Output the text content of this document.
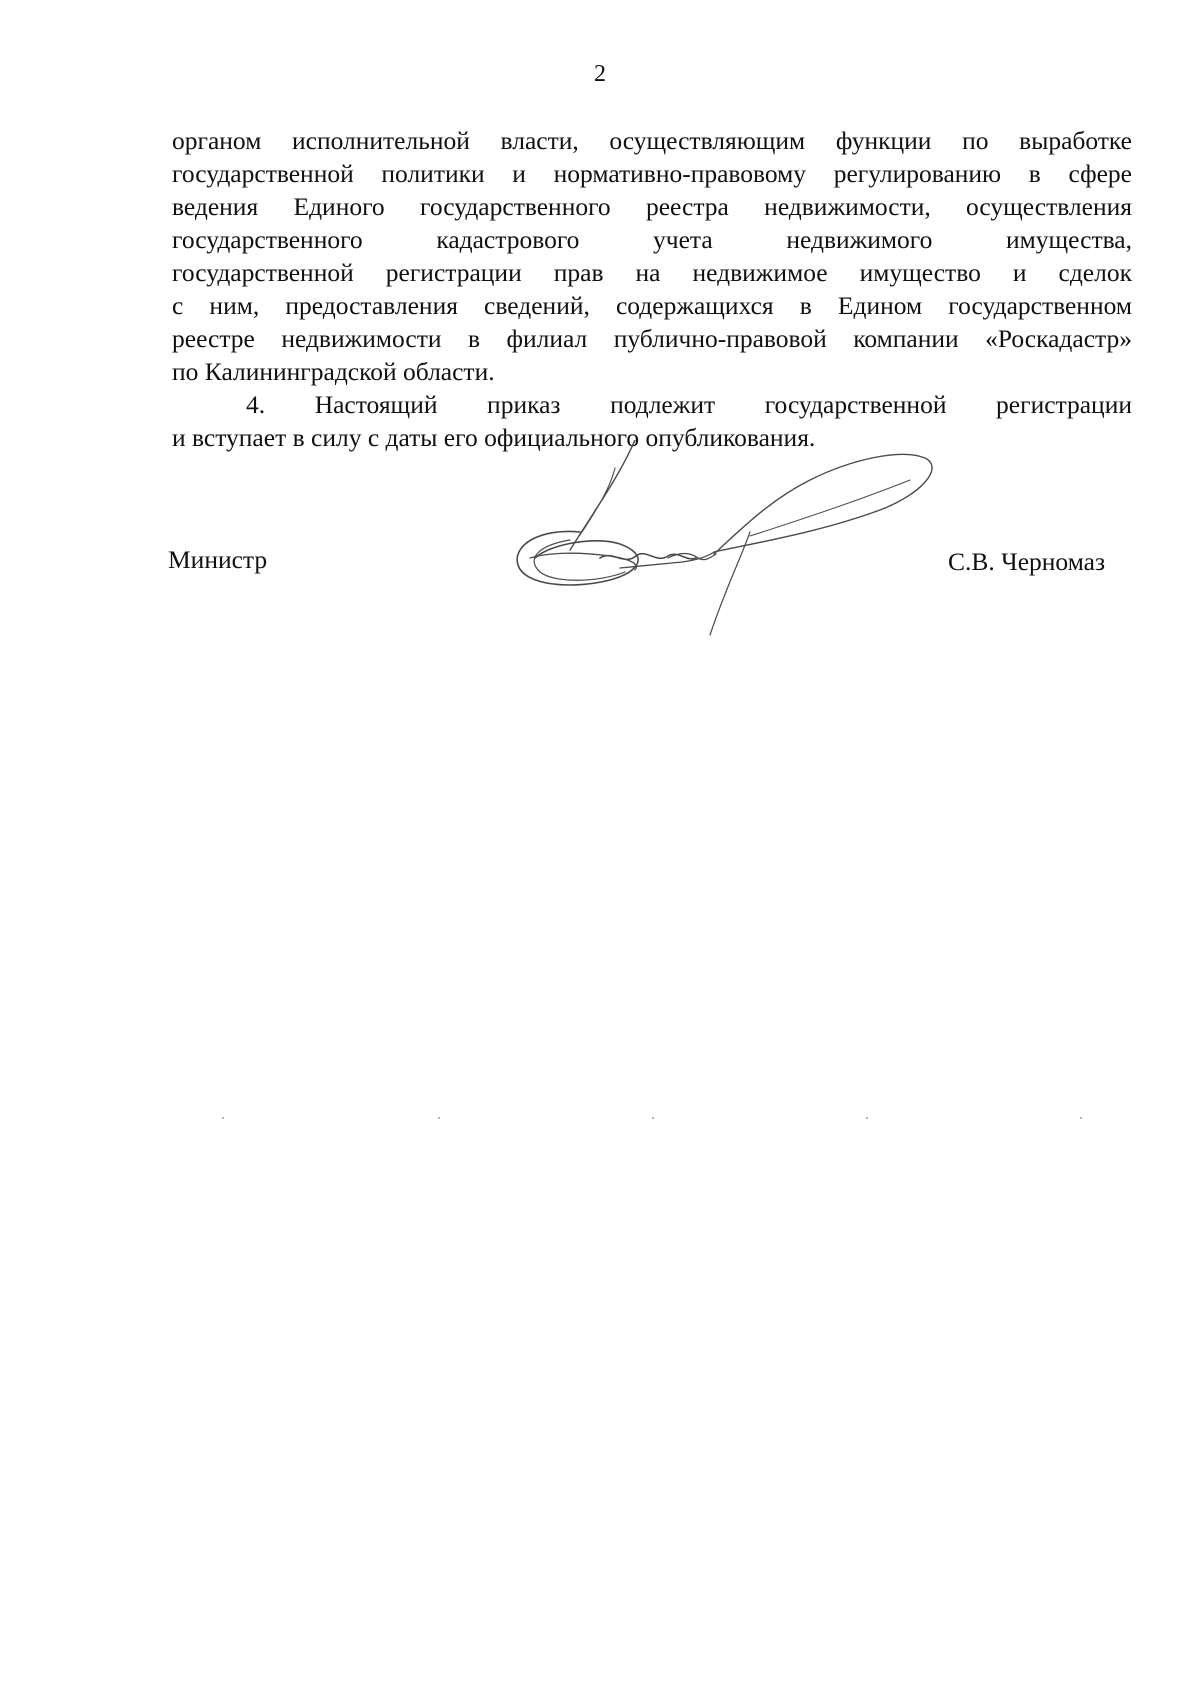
2
органом исполнительной власти, осуществляющим функции по выработке
государственной политики и нормативно-правовому регулированию в сфере
ведения Единого государственного реестра недвижимости, осуществления
государственного кадастрового учета недвижимого имущества,
государственной регистрации прав на недвижимое имущество и сделок
с ним, предоставления сведений, содержащихся в Едином государственном
реестре недвижимости в филиал публично-правовой компании «Роскадастр»
по Калининградской области.
4. Настоящий приказ подлежит государственной регистрации
и вступает в силу с даты его официального опубликования.
Министр	С.В. Черномаз
